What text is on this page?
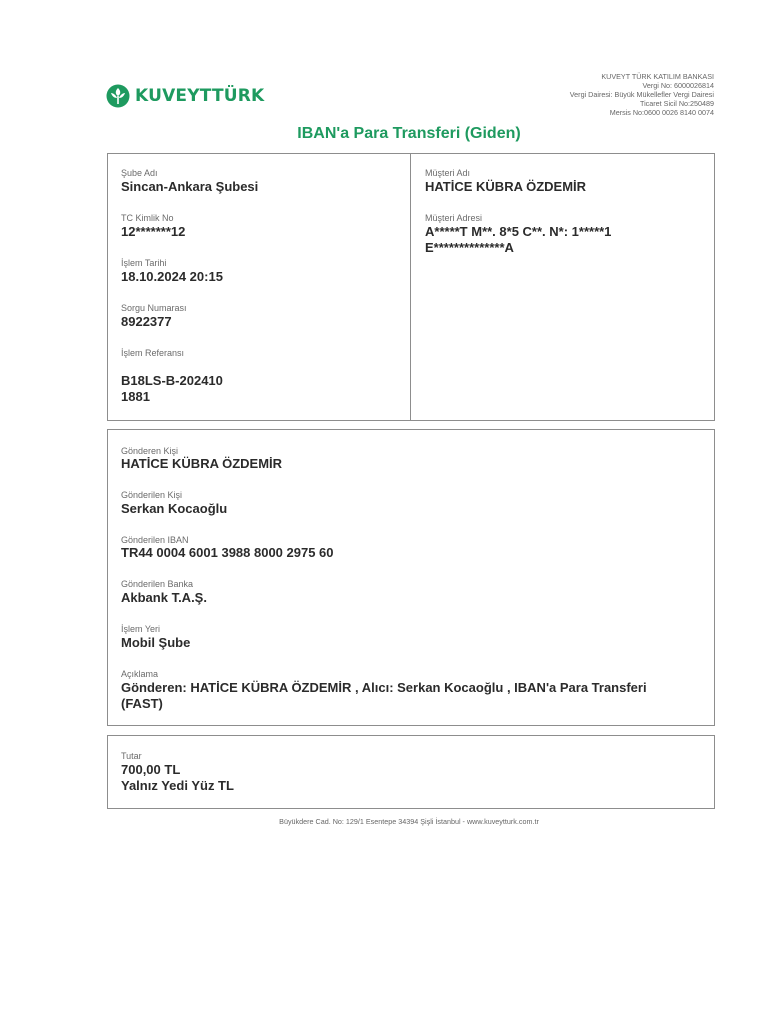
KUVEYTTÜRK
KUVEYT TÜRK KATILIM BANKASI
Vergi No: 6000026814
Vergi Dairesi: Büyük Mükellefler Vergi Dairesi
Ticaret Sicil No:250489
Mersis No:0600 0026 8140 0074
IBAN'a Para Transferi (Giden)
Şube Adı
Sincan-Ankara Şubesi
TC Kimlik No
12*******12
İşlem Tarihi
18.10.2024 20:15
Sorgu Numarası
8922377
İşlem Referansı
B18LS-B-202410
1881
Müşteri Adı
HATİCE KÜBRA ÖZDEMİR
Müşteri Adresi
A*****T M**. 8*5 C**. N*: 1*****1
E**************A
Gönderen Kişi
HATİCE KÜBRA ÖZDEMİR
Gönderilen Kişi
Serkan Kocaoğlu
Gönderilen IBAN
TR44 0004 6001 3988 8000 2975 60
Gönderilen Banka
Akbank T.A.Ş.
İşlem Yeri
Mobil Şube
Açıklama
Gönderen: HATİCE KÜBRA ÖZDEMİR , Alıcı: Serkan Kocaoğlu , IBAN'a Para Transferi
(FAST)
Tutar
700,00 TL
Yalnız Yedi Yüz TL
Büyükdere Cad. No: 129/1 Esentepe 34394 Şişli İstanbul - www.kuveytturk.com.tr
